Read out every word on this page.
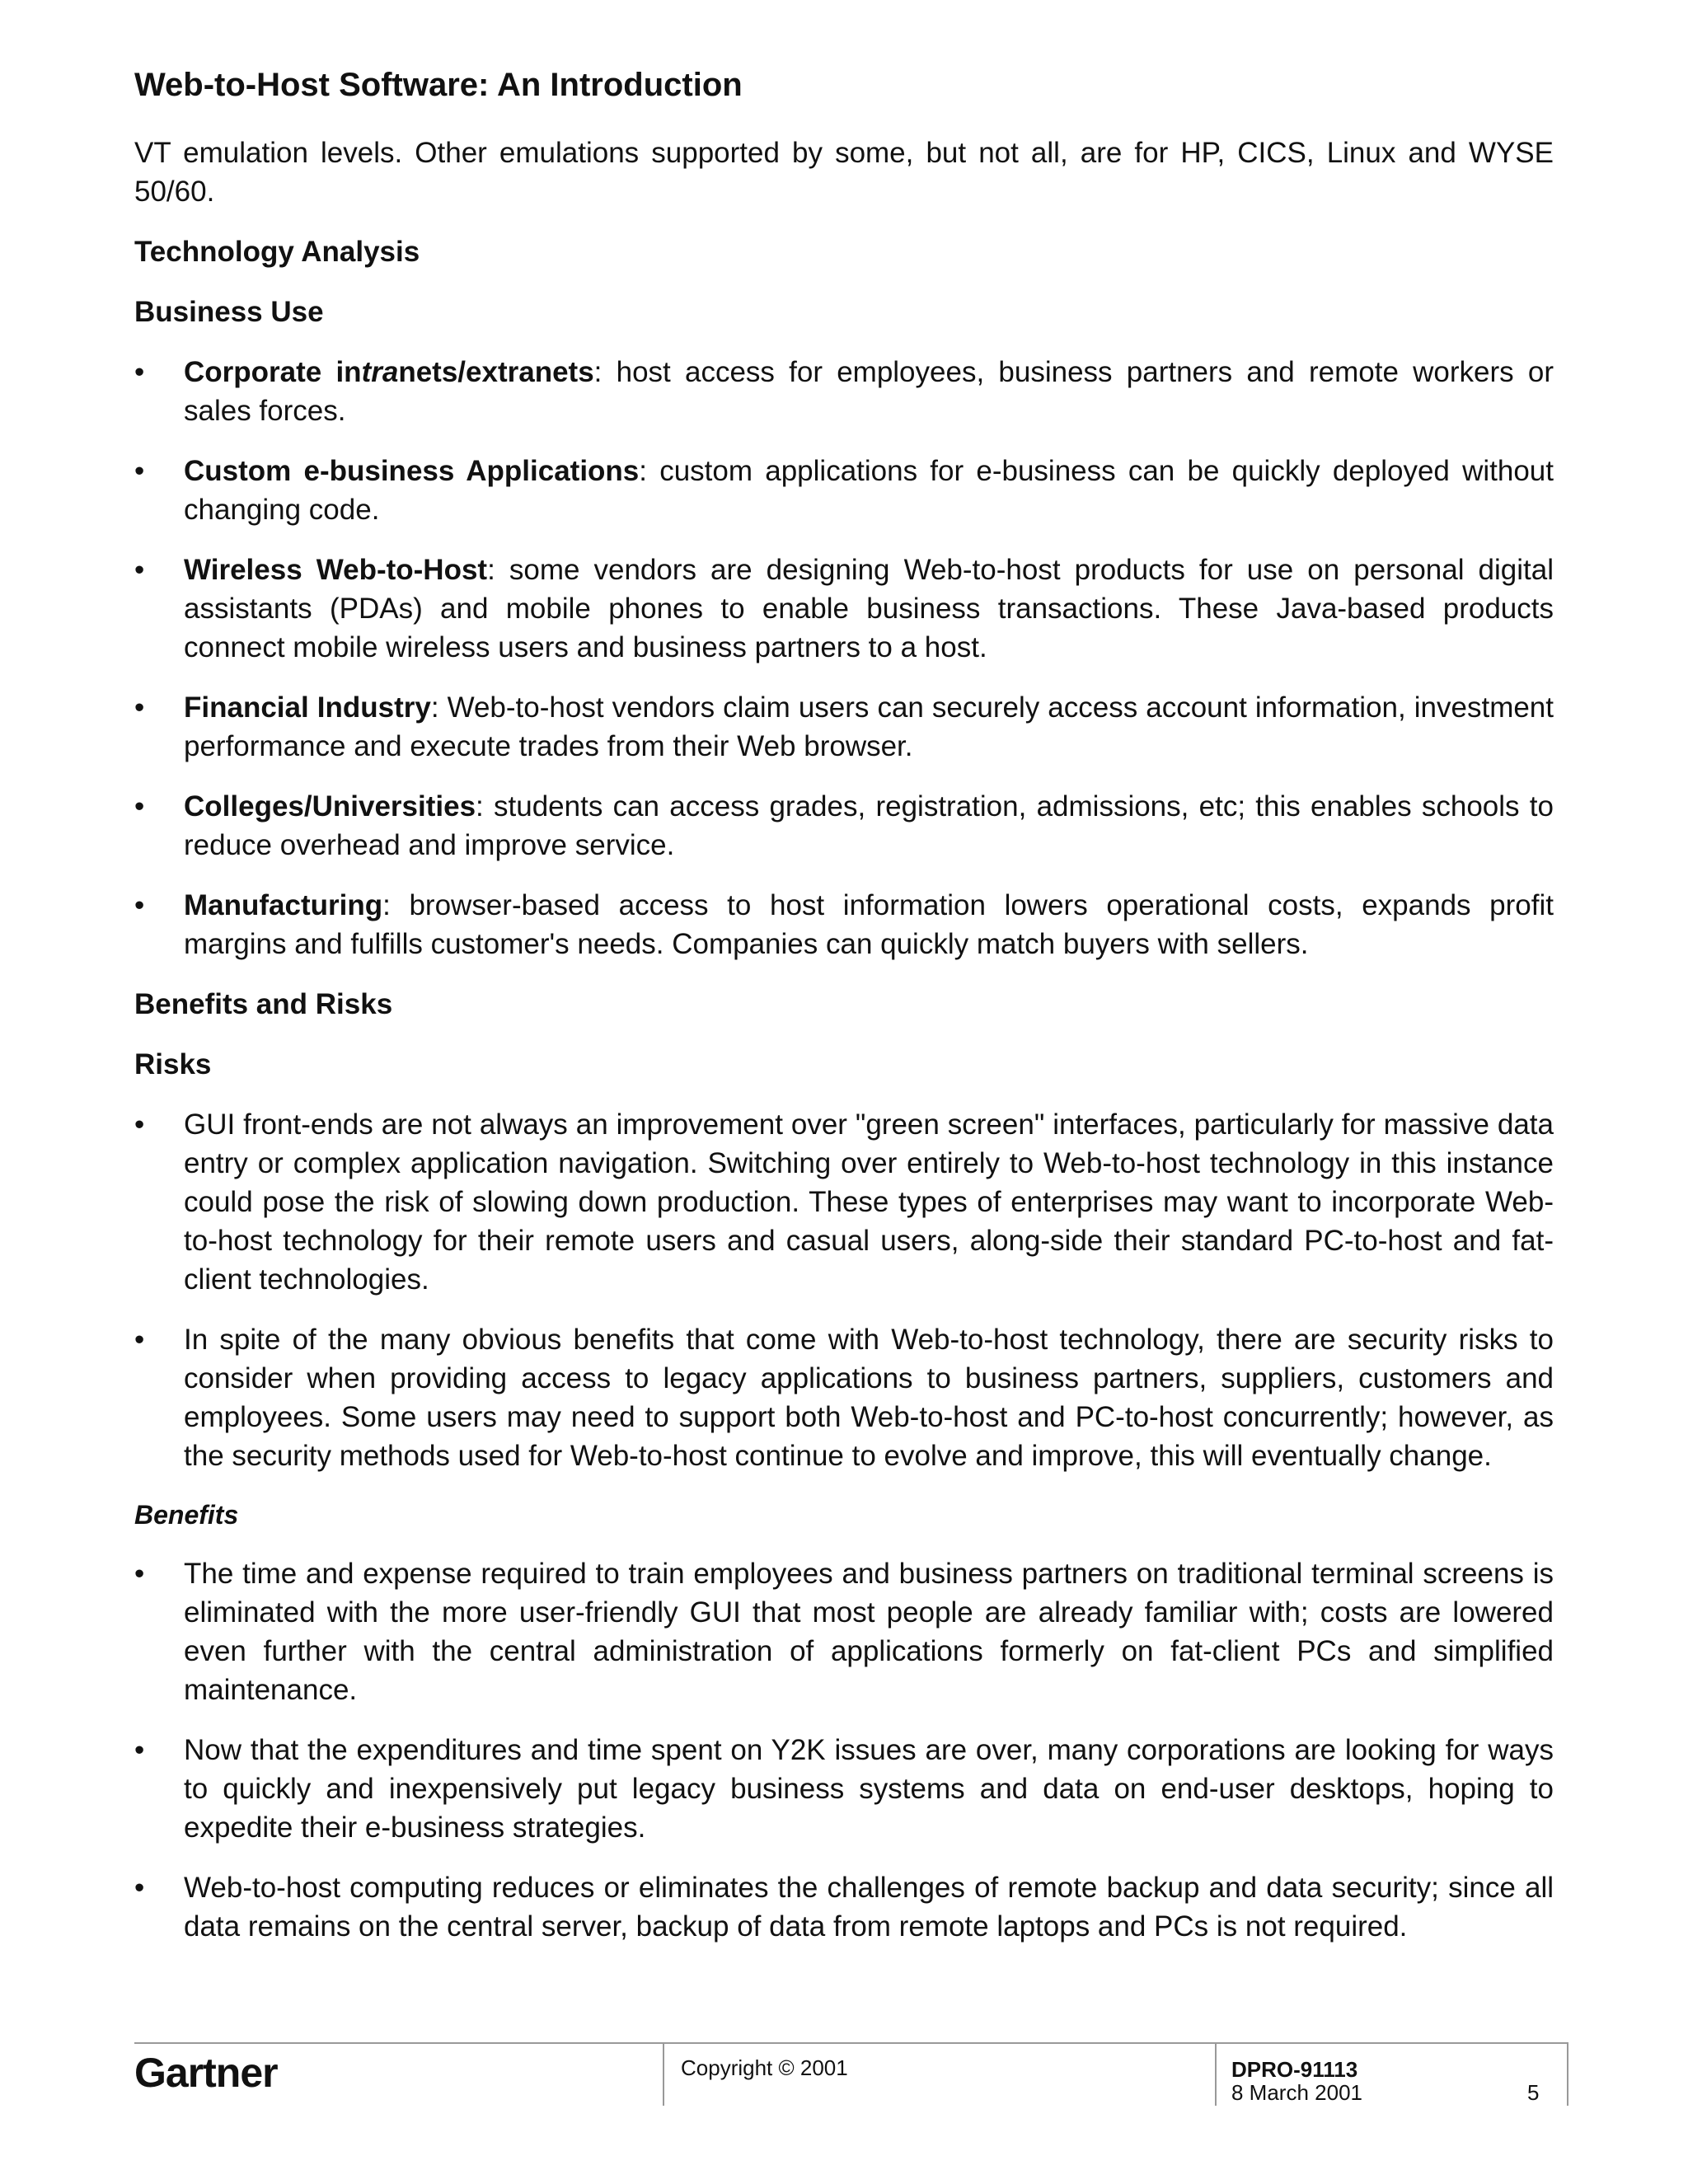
Web-to-Host Software: An Introduction

VT emulation levels. Other emulations supported by some, but not all, are for HP, CICS, Linux and WYSE 50/60.

Technology Analysis
Business Use
• Corporate intranets/extranets: host access for employees, business partners and remote workers or sales forces.
• Custom e-business Applications: custom applications for e-business can be quickly deployed without changing code.
• Wireless Web-to-Host: some vendors are designing Web-to-host products for use on personal digital assistants (PDAs) and mobile phones to enable business transactions. These Java-based products connect mobile wireless users and business partners to a host.
• Financial Industry: Web-to-host vendors claim users can securely access account information, investment performance and execute trades from their Web browser.
• Colleges/Universities: students can access grades, registration, admissions, etc; this enables schools to reduce overhead and improve service.
• Manufacturing: browser-based access to host information lowers operational costs, expands profit margins and fulfills customer's needs. Companies can quickly match buyers with sellers.
Benefits and Risks
Risks
• GUI front-ends are not always an improvement over "green screen" interfaces, particularly for massive data entry or complex application navigation. Switching over entirely to Web-to-host technology in this instance could pose the risk of slowing down production. These types of enterprises may want to incorporate Web-to-host technology for their remote users and casual users, along-side their standard PC-to-host and fat-client technologies.
• In spite of the many obvious benefits that come with Web-to-host technology, there are security risks to consider when providing access to legacy applications to business partners, suppliers, customers and employees. Some users may need to support both Web-to-host and PC-to-host concurrently; however, as the security methods used for Web-to-host continue to evolve and improve, this will eventually change.
Benefits
• The time and expense required to train employees and business partners on traditional terminal screens is eliminated with the more user-friendly GUI that most people are already familiar with; costs are lowered even further with the central administration of applications formerly on fat-client PCs and simplified maintenance.
• Now that the expenditures and time spent on Y2K issues are over, many corporations are looking for ways to quickly and inexpensively put legacy business systems and data on end-user desktops, hoping to expedite their e-business strategies.
• Web-to-host computing reduces or eliminates the challenges of remote backup and data security; since all data remains on the central server, backup of data from remote laptops and PCs is not required.
Gartner	Copyright © 2001	DPRO-91113
8 March 2001	5
